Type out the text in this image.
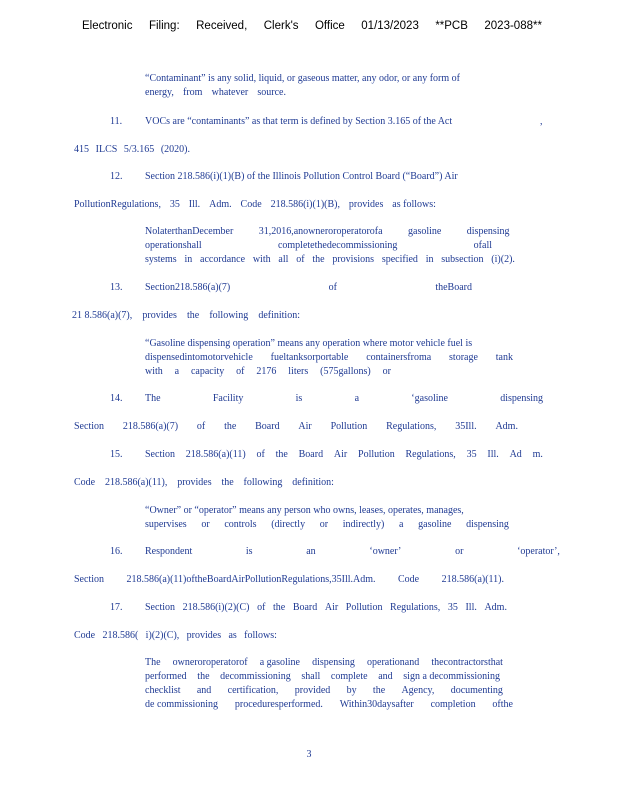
Electronic Filing: Received, Clerk's Office 01/13/2023 **PCB 2023-088**
“Contaminant” is any solid, liquid, or gaseous matter, any odor, or any form of
energy, from whatever source.
11. VOCs are “contaminants” as that term is defined by Section 3.165 of the Act	,
415 ILCS 5/3.165 (2020).
12. Section 218.586(i)(1)(B) of the Illinois Pollution Control Board (“Board”) Air
PollutionRegulations, 35 Ill. Adm. Code 218.586(i)(1)(B), provides as follows:
NolaterthanDecember	31,2016,anowneroroperatorofa	gasoline	dispensing
operationshall	completethedecommissioning	ofall
systems in accordance with all of the provisions specified in subsection (i)(2).
13. Section218.586(a)(7)	of	theBoard
21 8.586(a)(7), provides the following definition:
“Gasoline dispensing operation” means any operation where motor vehicle fuel is
dispensedintomotorvehicle fueltanksorportable containersfroma storage tank
with a capacity of 2176 liters (575gallons) or
14. The	Facility	is	a	‘gasoline	dispensing
Section 218.586(a)(7) of the Board Air Pollution Regulations, 35Ill. Adm.
15. Section 218.586(a)(11) of the Board Air Pollution Regulations, 35 Ill. Ad m.
Code 218.586(a)(11), provides the following definition:
“Owner” or “operator” means any person who owns, leases, operates, manages,
supervises or controls (directly or indirectly) a gasoline dispensing
16. Respondent	is	an	‘owner’	or	‘operator’,
Section 218.586(a)(11)oftheBoardAirPollutionRegulations,35Ill.Adm. Code 218.586(a)(11).
17. Section 218.586(i)(2)(C) of the Board Air Pollution Regulations, 35 Ill. Adm.
Code 218.586( i)(2)(C), provides as follows:
The owneroroperatorof a gasoline dispensing operationand thecontractorsthat
performed the decommissioning shall complete and sign a decommissioning
checklist and certification, provided by the Agency, documenting
de commissioning proceduresperformed. Within30daysafter completion ofthe
3
